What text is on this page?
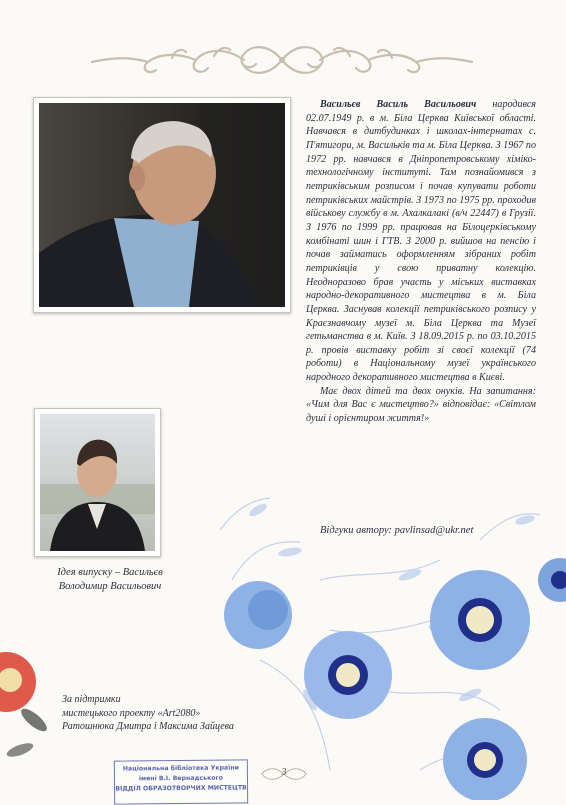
Васильєв Василь Васильович народився 02.07.1949 р. в м. Біла Церква Київської області. Навчався в дитбудинках і школах-інтернатах с. П'ятигори, м. Васильків та м. Біла Церква. З 1967 по 1972 рр. навчався в Дніпропетровському хіміко-технологічному інституті. Там познайомився з петриківським розписом і почав купувати роботи петриківських майстрів. З 1973 по 1975 рр. проходив військову службу в м. Ахалкалакі (в/ч 22447) в Грузії. З 1976 по 1999 рр. працював на Білоцерківському комбінаті шин і ГТВ. З 2000 р. вийшов на пенсію і почав займатись оформленням зібраних робіт петриківців у свою приватну колекцію. Неодноразово брав участь у міських виставках народно-декоративного мистецтва в м. Біла Церква. Заснував колекції петриківського розпису у Краєзнавчому музеї м. Біла Церква та Музеї гетьманства в м. Київ. З 18.09.2015 р. по 03.10.2015 р. провів виставку робіт зі своєї колекції (74 роботи) в Національному музеї українського народного декоративного мистецтва в Києві.

Має двох дітей та двох онуків. На запитання: «Чим для Вас є мистецтво?» відповідає: «Світлом душі і орієнтиром життя!»

Відгуки автору: pavlinsad@ukr.net
Ідея випуску – Васильєв
Володимир Васильович
За підтримки
мистецького проекту «Art2080»
Ратошнюка Дмитра і Максима Зайцева
Національна бібліотека України
імені В.І. Вернадського
ВІДДІЛ ОБРАЗОТВОРЧИХ МИСТЕЦТВ
3
